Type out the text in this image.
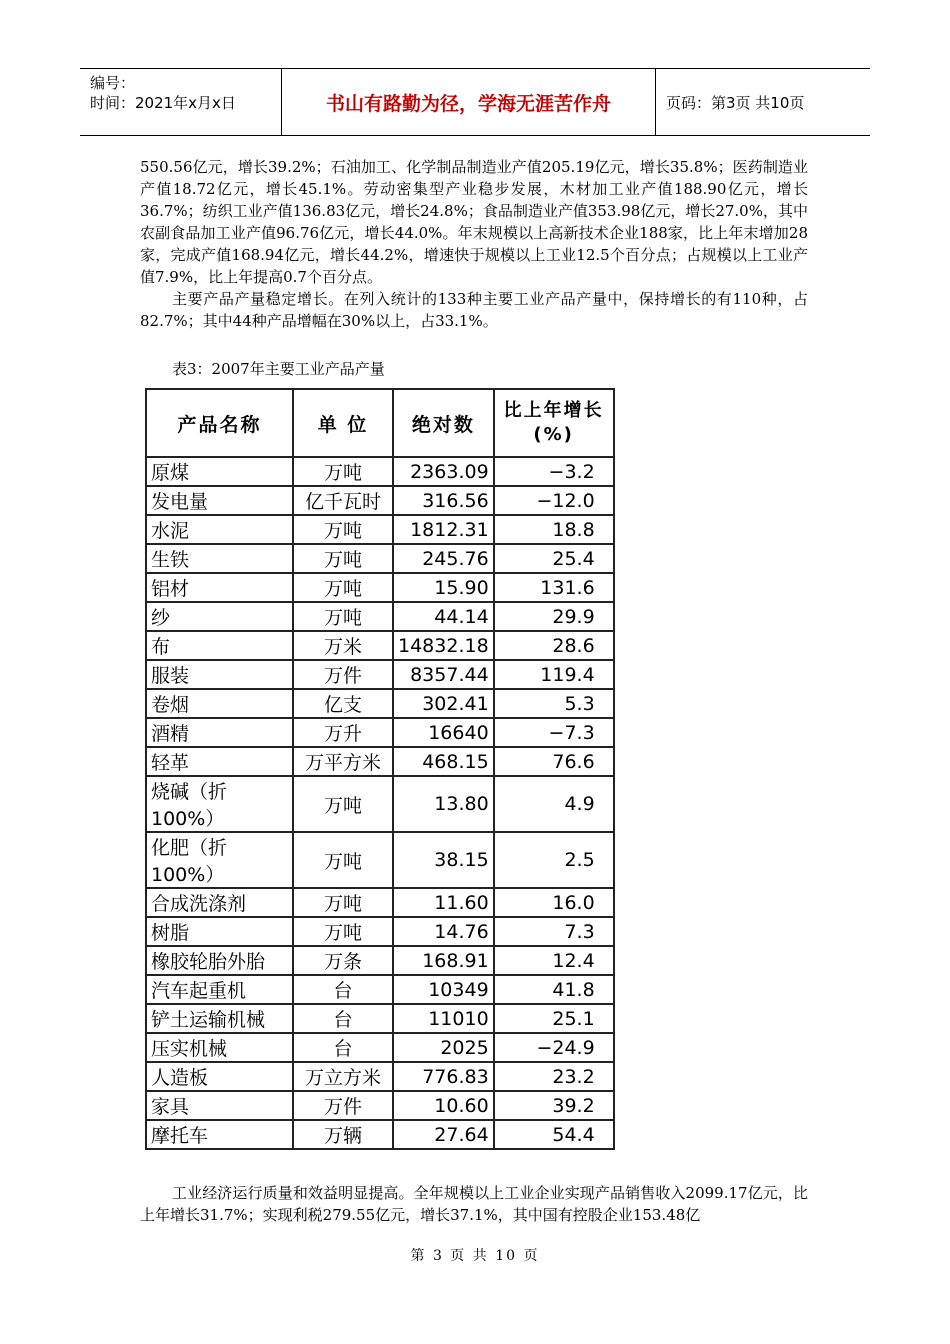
编号：
时间：2021年x月x日	书山有路勤为径，学海无涯苦作舟	页码：第3页 共10页

550.56亿元，增长39.2%；石油加工、化学制品制造业产值205.19亿元，增长35.8%；医药制造业产值18.72亿元，增长45.1%。劳动密集型产业稳步发展，木材加工业产值188.90亿元，增长36.7%；纺织工业产值136.83亿元，增长24.8%；食品制造业产值353.98亿元，增长27.0%，其中农副食品加工业产值96.76亿元，增长44.0%。年末规模以上高新技术企业188家，比上年末增加28家，完成产值168.94亿元，增长44.2%，增速快于规模以上工业12.5个百分点；占规模以上工业产值7.9%，比上年提高0.7个百分点。

主要产品产量稳定增长。在列入统计的133种主要工业产品产量中，保持增长的有110种，占82.7%；其中44种产品增幅在30%以上，占33.1%。

表3：2007年主要工业产品产量
产品名称	单 位	绝对数	比上年增长
(%)

原煤	万吨	2363.09	−3.2
发电量	亿千瓦时	316.56	−12.0
水泥	万吨	1812.31	18.8
生铁	万吨	245.76	25.4
铝材	万吨	15.90	131.6
纱	万吨	44.14	29.9
布	万米	14832.18	28.6
服装	万件	8357.44	119.4
卷烟	亿支	302.41	5.3
酒精	万升	16640	−7.3
轻革	万平方米	468.15	76.6
烧碱（折100%）	万吨	13.80	4.9
化肥（折100%）	万吨	38.15	2.5
合成洗涤剂	万吨	11.60	16.0
树脂	万吨	14.76	7.3
橡胶轮胎外胎	万条	168.91	12.4
汽车起重机	台	10349	41.8
铲土运输机械	台	11010	25.1
压实机械	台	2025	−24.9
人造板	万立方米	776.83	23.2
家具	万件	10.60	39.2
摩托车	万辆	27.64	54.4

工业经济运行质量和效益明显提高。全年规模以上工业企业实现产品销售收入2099.17亿元，比上年增长31.7%；实现利税279.55亿元，增长37.1%，其中国有控股企业153.48亿

第 3 页 共 10 页
